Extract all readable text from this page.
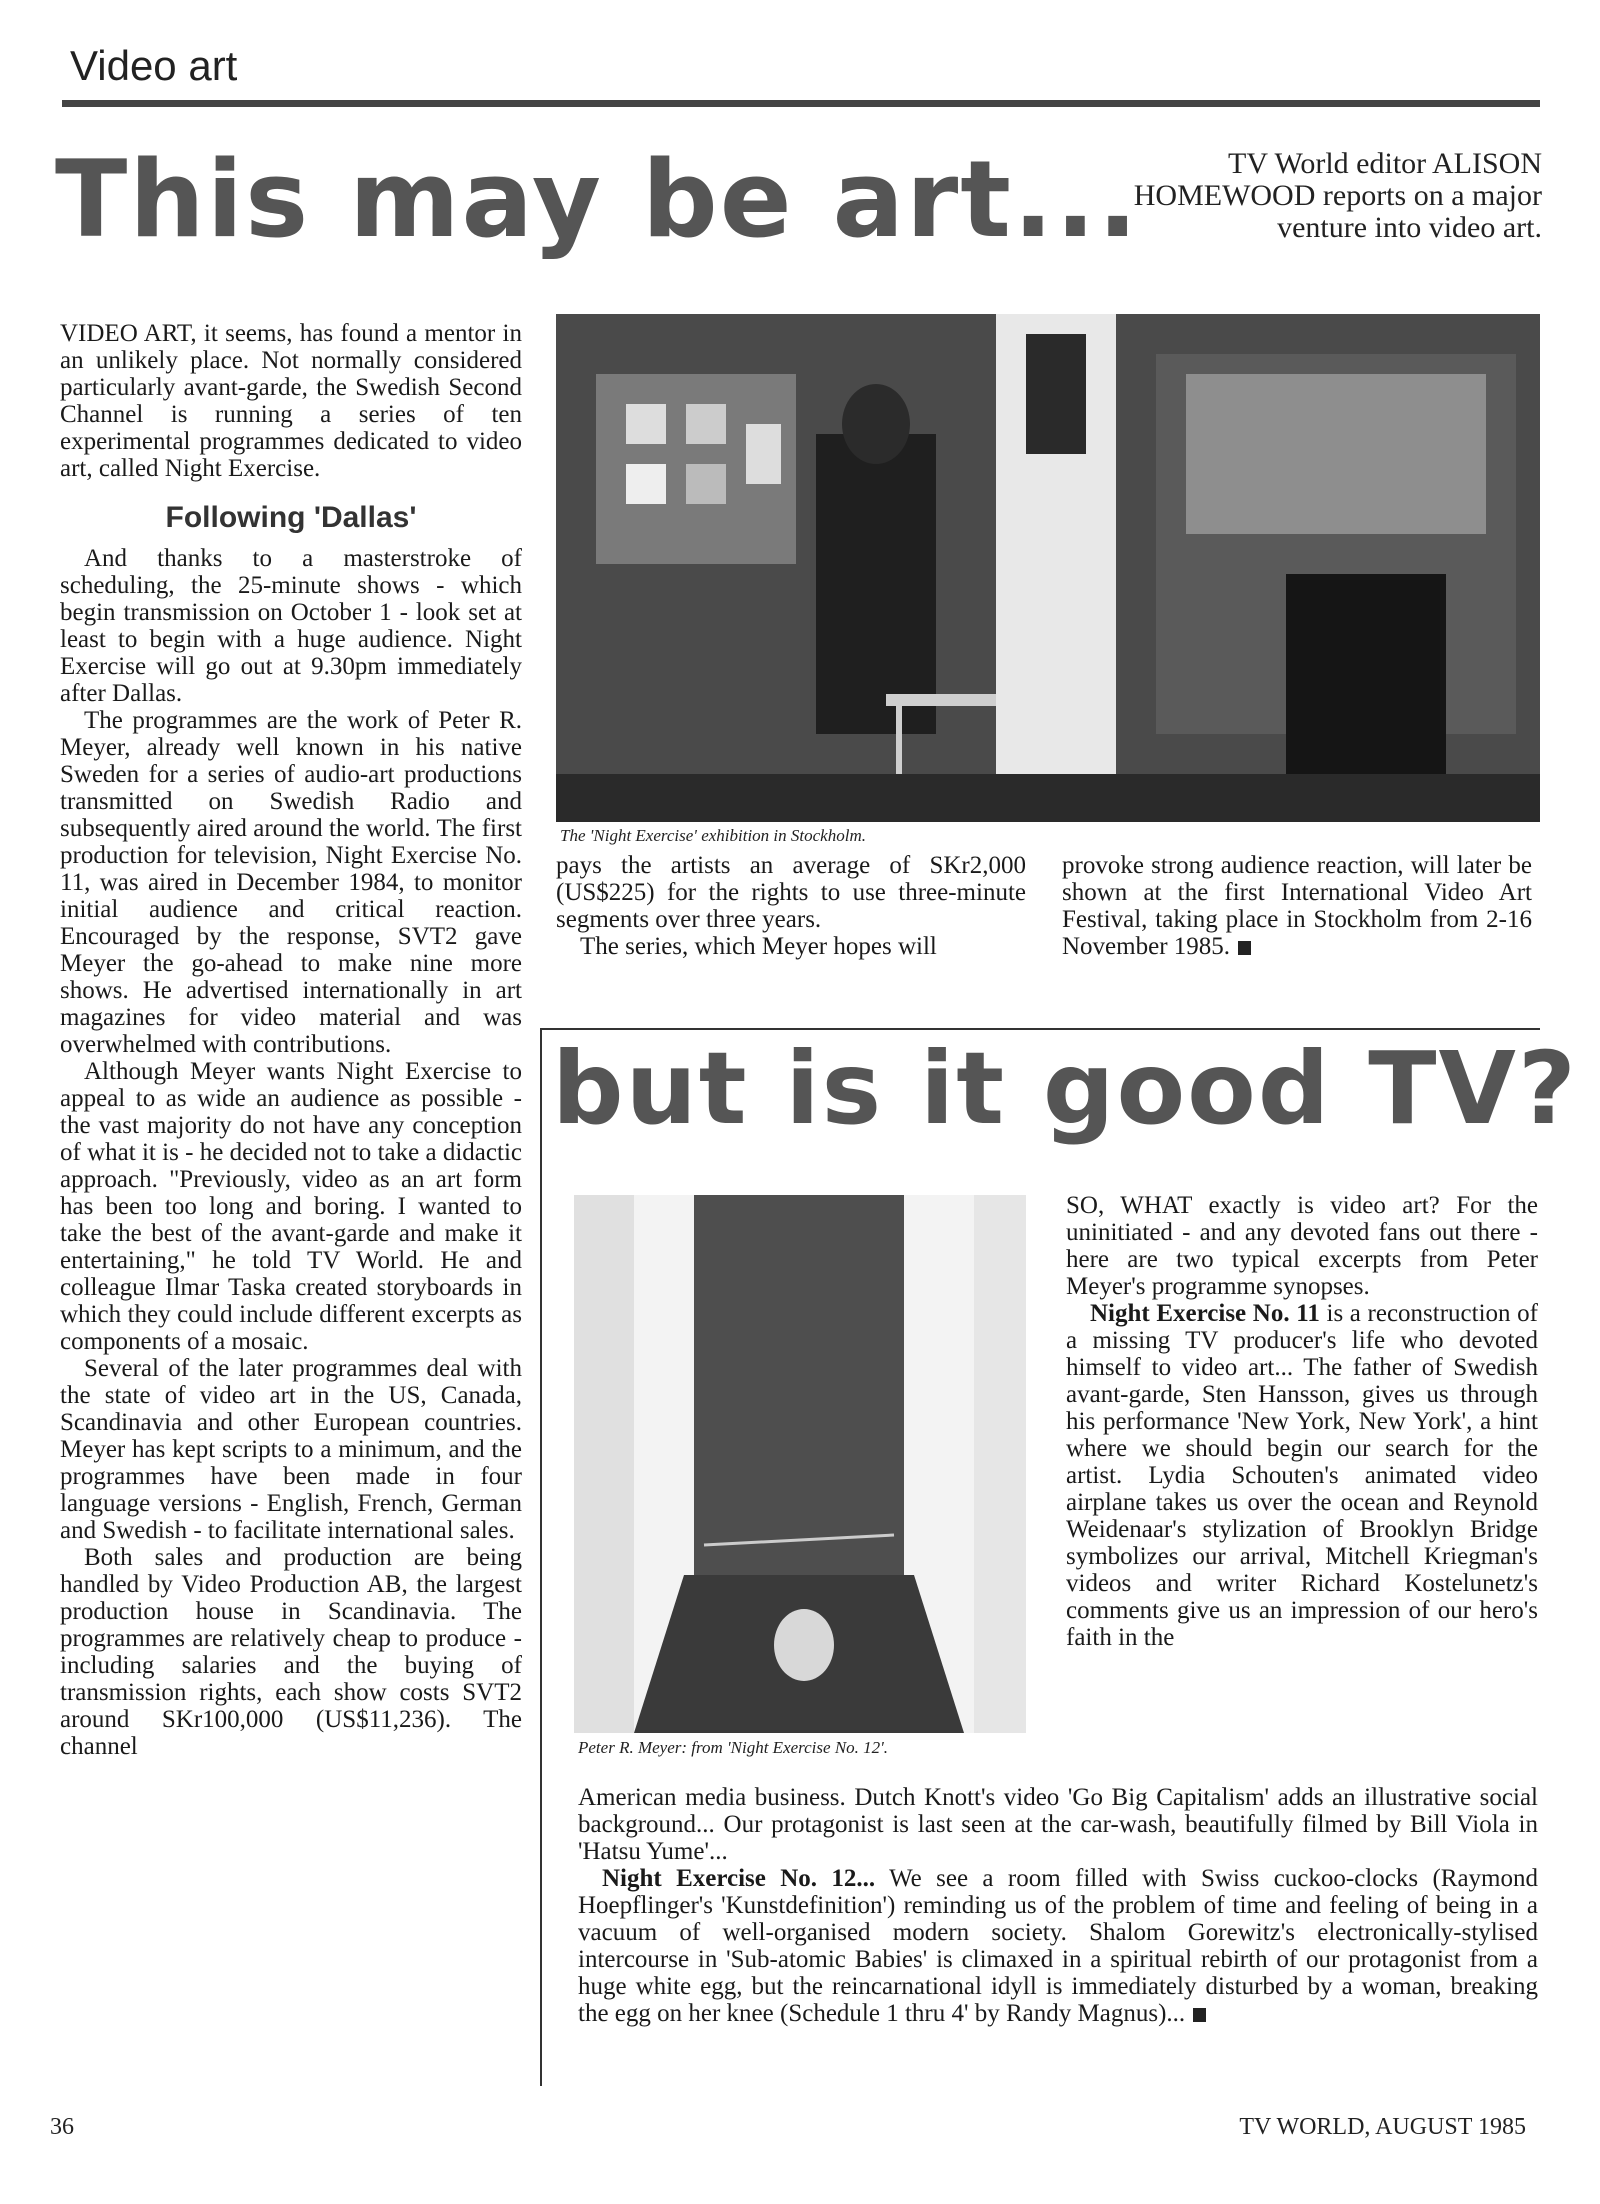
Video art
This may be art...	TV World editor ALISON HOMEWOOD reports on a major venture into video art.

VIDEO ART, it seems, has found a mentor in an unlikely place. Not normally considered particularly avant-garde, the Swedish Second Channel is running a series of ten experimental programmes dedicated to video art, called Night Exercise.

Following 'Dallas'

And thanks to a masterstroke of scheduling, the 25-minute shows - which begin transmission on October 1 - look set at least to begin with a huge audience. Night Exercise will go out at 9.30pm immediately after Dallas.

The programmes are the work of Peter R. Meyer, already well known in his native Sweden for a series of audio-art productions transmitted on Swedish Radio and subsequently aired around the world. The first production for television, Night Exercise No. 11, was aired in December 1984, to monitor initial audience and critical reaction. Encouraged by the response, SVT2 gave Meyer the go-ahead to make nine more shows. He advertised internationally in art magazines for video material and was overwhelmed with contributions.

Although Meyer wants Night Exercise to appeal to as wide an audience as possible - the vast majority do not have any conception of what it is - he decided not to take a didactic approach. "Previously, video as an art form has been too long and boring. I wanted to take the best of the avant-garde and make it entertaining," he told TV World. He and colleague Ilmar Taska created storyboards in which they could include different excerpts as components of a mosaic.

Several of the later programmes deal with the state of video art in the US, Canada, Scandinavia and other European countries. Meyer has kept scripts to a minimum, and the programmes have been made in four language versions - English, French, German and Swedish - to facilitate international sales.

Both sales and production are being handled by Video Production AB, the largest production house in Scandinavia. The programmes are relatively cheap to produce - including salaries and the buying of transmission rights, each show costs SVT2 around SKr100,000 (US$11,236). The channel

The 'Night Exercise' exhibition in Stockholm.

pays the artists an average of SKr2,000 (US$225) for the rights to use three-minute segments over three years.

The series, which Meyer hopes will

provoke strong audience reaction, will later be shown at the first International Video Art Festival, taking place in Stockholm from 2-16 November 1985.
but is it good TV?
Peter R. Meyer: from 'Night Exercise No. 12'.

SO, WHAT exactly is video art? For the uninitiated - and any devoted fans out there - here are two typical excerpts from Peter Meyer's programme synopses.

Night Exercise No. 11 is a reconstruction of a missing TV producer's life who devoted himself to video art... The father of Swedish avant-garde, Sten Hansson, gives us through his performance 'New York, New York', a hint where we should begin our search for the artist. Lydia Schouten's animated video airplane takes us over the ocean and Reynold Weidenaar's stylization of Brooklyn Bridge symbolizes our arrival, Mitchell Kriegman's videos and writer Richard Kostelunetz's comments give us an impression of our hero's faith in the

American media business. Dutch Knott's video 'Go Big Capitalism' adds an illustrative social background... Our protagonist is last seen at the car-wash, beautifully filmed by Bill Viola in 'Hatsu Yume'...

Night Exercise No. 12... We see a room filled with Swiss cuckoo-clocks (Raymond Hoepflinger's 'Kunstdefinition') reminding us of the problem of time and feeling of being in a vacuum of well-organised modern society. Shalom Gorewitz's electronically-stylised intercourse in 'Sub-atomic Babies' is climaxed in a spiritual rebirth of our protagonist from a huge white egg, but the reincarnational idyll is immediately disturbed by a woman, breaking the egg on her knee (Schedule 1 thru 4' by Randy Magnus)...

36	TV WORLD, AUGUST 1985
